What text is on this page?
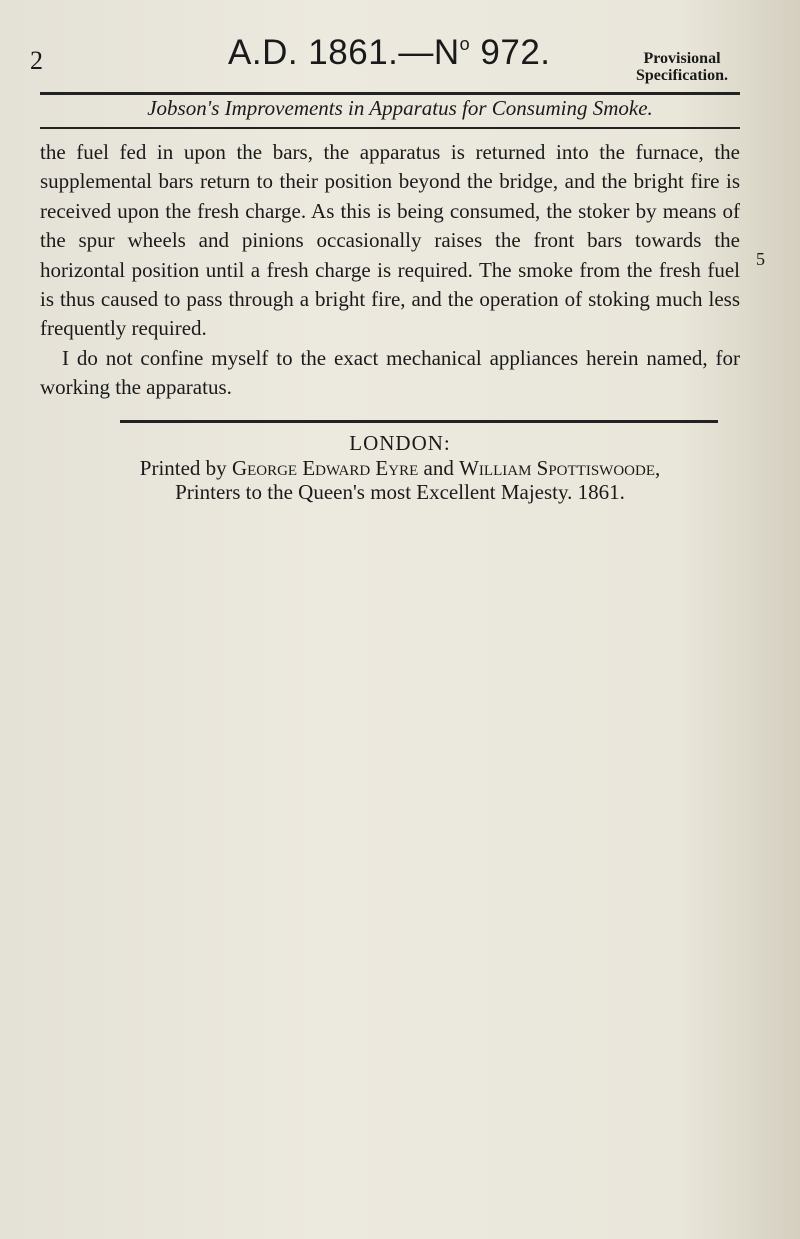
2	A.D. $1861.—N^o$ 972.	Provisional
Specification.
Jobson's Improvements in Apparatus for Consuming Smoke.

the fuel fed in upon the bars, the apparatus is returned into the furnace, the supplemental bars return to their position beyond the bridge, and the bright fire is received upon the fresh charge. As this is being consumed, the stoker by means of the spur wheels and pinions occasionally raises the front bars towards the horizontal position until a fresh charge is required. The smoke from the fresh fuel is thus caused to pass through a bright fire, and the operation of stoking much less frequently required.

I do not confine myself to the exact mechanical appliances herein named, for working the apparatus.

5
LONDON:
Printed by George Edward Eyre and William Spottiswoode,
Printers to the Queen's most Excellent Majesty. 1861.
